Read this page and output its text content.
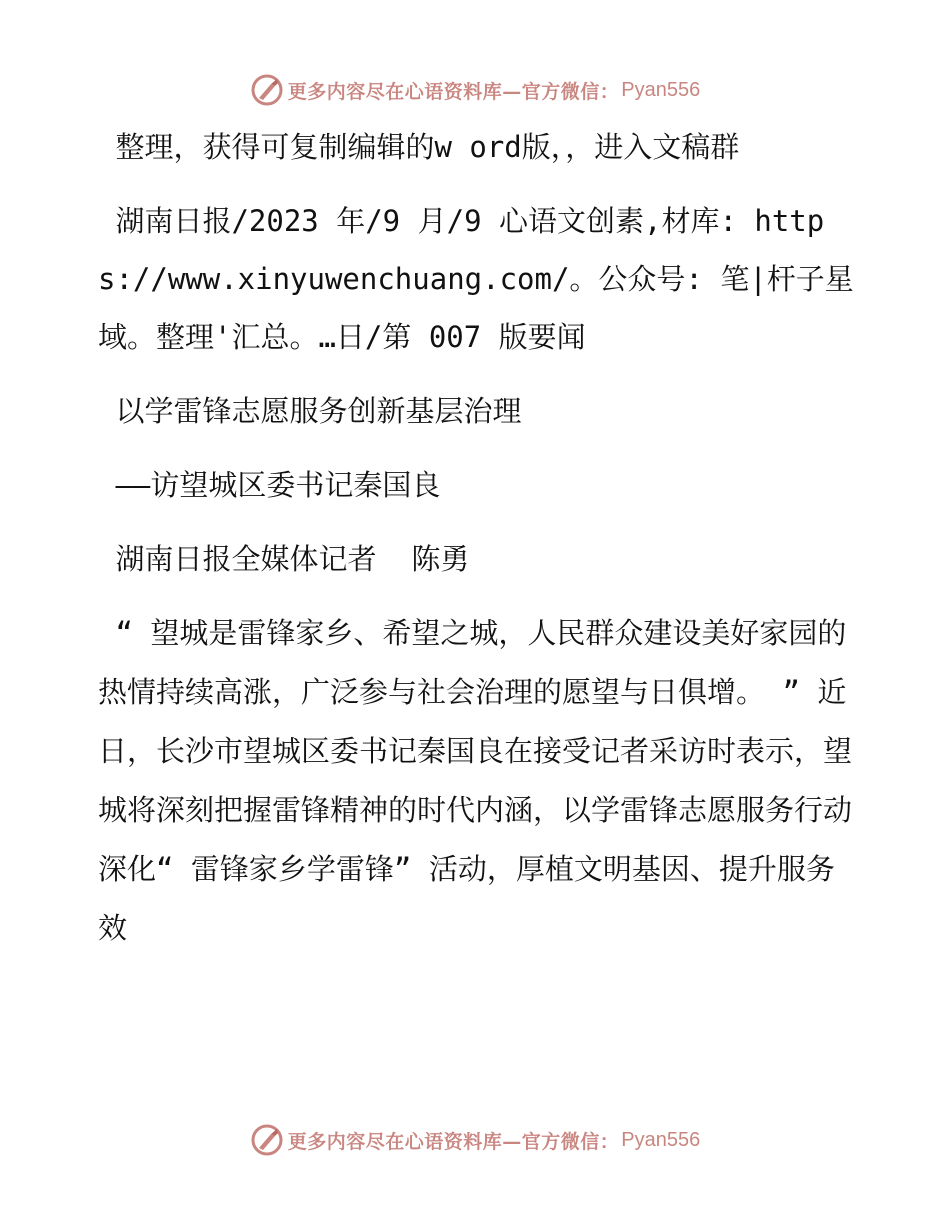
更多内容尽在心语资料库—官方微信： Pyan556

整理，获得可复制编辑的w ord版，，进入文稿群

湖南日报/2023 年/9 月/9 心语文创素,材库: https://www.xinyuwenchuang.com/。公众号: 笔|杆子星域。整理'汇总。…日/第 007 版要闻

以学雷锋志愿服务创新基层治理

——访望城区委书记秦国良

湖南日报全媒体记者  陈勇

“ 望城是雷锋家乡、希望之城，人民群众建设美好家园的热情持续高涨，广泛参与社会治理的愿望与日俱增。 ” 近日，长沙市望城区委书记秦国良在接受记者采访时表示，望城将深刻把握雷锋精神的时代内涵，以学雷锋志愿服务行动深化“ 雷锋家乡学雷锋” 活动，厚植文明基因、提升服务效

更多内容尽在心语资料库—官方微信： Pyan556
